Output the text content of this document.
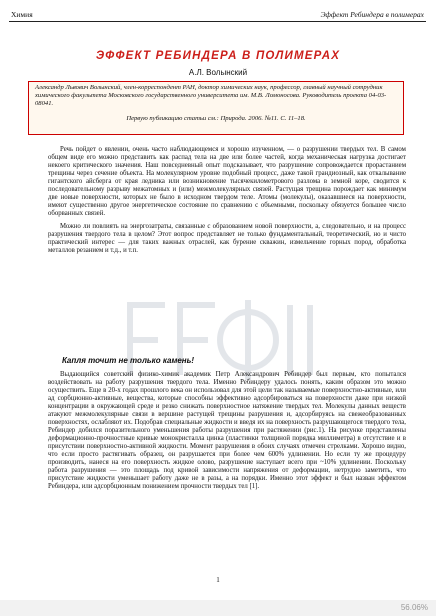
Химия	Эффект Ребиндера в полимерах
ЭФФЕКТ РЕБИНДЕРА В ПОЛИМЕРАХ
А.Л. Волынский
Александр Львович Волынский, член-корреспондент РАН, доктор химических наук, профессор, главный научный сотрудник химического факультета Московского государственного университета им. М.В. Ломоносова. Руководитель проекта 04-03-08041.
Первую публикацию статьи см.: Природа. 2006. №11. С. 11–18.

Речь пойдет о явлении, очень часто наблюдающемся и хорошо изученном, — о разрушении твердых тел. В самом общем виде его можно представить как распад тела на две или более частей, когда механическая нагрузка достигает некоего критического значения. Наш повседневный опыт подсказывает, что разрушение сопровождается прорастанием трещины через сечение объекта. На молекулярном уровне подобный процесс, даже такой грандиозный, как откалывание гигантского айсберга от края ледника или возникновение тысячекилометрового разлома в земной коре, сводится к последовательному разрыву межатомных и (или) межмолекулярных связей. Растущая трещина порождает как минимум две новые поверхности, которых не было в исходном твердом теле. Атомы (молекулы), оказавшиеся на поверхности, имеют существенно другое энергетическое состояние по сравнению с объемными, поскольку обязуется большее число оборванных связей.

Можно ли повлиять на энергозатраты, связанные с образованием новой поверхности, а, следовательно, и на процесс разрушения твердого тела в целом? Этот вопрос представляет не только фундаментальный, теоретический, но и чисто практический интерес — для таких важных отраслей, как бурение скважин, измельчение горных пород, обработка металлов резанием и т.д., и т.п.

Капля точит не только камень!

Выдающийся советский физико-химик академик Петр Александрович Ребиндер был первым, кто попытался воздействовать на работу разрушения твердого тела. Именно Ребиндеру удалось понять, каким образом это можно осуществить. Еще в 20-х годах прошлого века он использовал для этой цели так называемые поверхностно-активные, или ад сорбционно-активные, вещества, которые способны эффективно адсорбироваться на поверхности даже при низкой концентрации в окружающей среде и резко снижать поверхностное натяжение твердых тел. Молекулы данных веществ атакуют межмолекулярные связи в вершине растущей трещины разрушения и, адсорбируясь на свежеобразованных поверхностях, ослабляют их. Подобрав специальные жидкости и введя их на поверхность разрушающегося твердого тела, Ребиндер добился поразительного уменьшения работы разрушения при растяжении (рис.1). На рисунке представлены деформационно-прочностные кривые монокристалла цинка (пластинки толщиной порядка миллиметра) в отсутствие и в присутствии поверхностно-активной жидкости. Момент разрушения в обоих случаях отмечен стрелками. Хорошо видно, что если просто растягивать образец, он разрушается при более чем 600% удлинении. Но если ту же процедуру производить, нанеся на его поверхность жидкое олово, разрушение наступает всего при ~10% удлинении. Поскольку работа разрушения — это площадь под кривой зависимости напряжения от деформации, нетрудно заметить, что присутствие жидкости уменьшает работу даже не в разы, а на порядки. Именно этот эффект и был назван эффектом Ребиндера, или адсорбционным понижением прочности твердых тел [1].

1
56.06%
